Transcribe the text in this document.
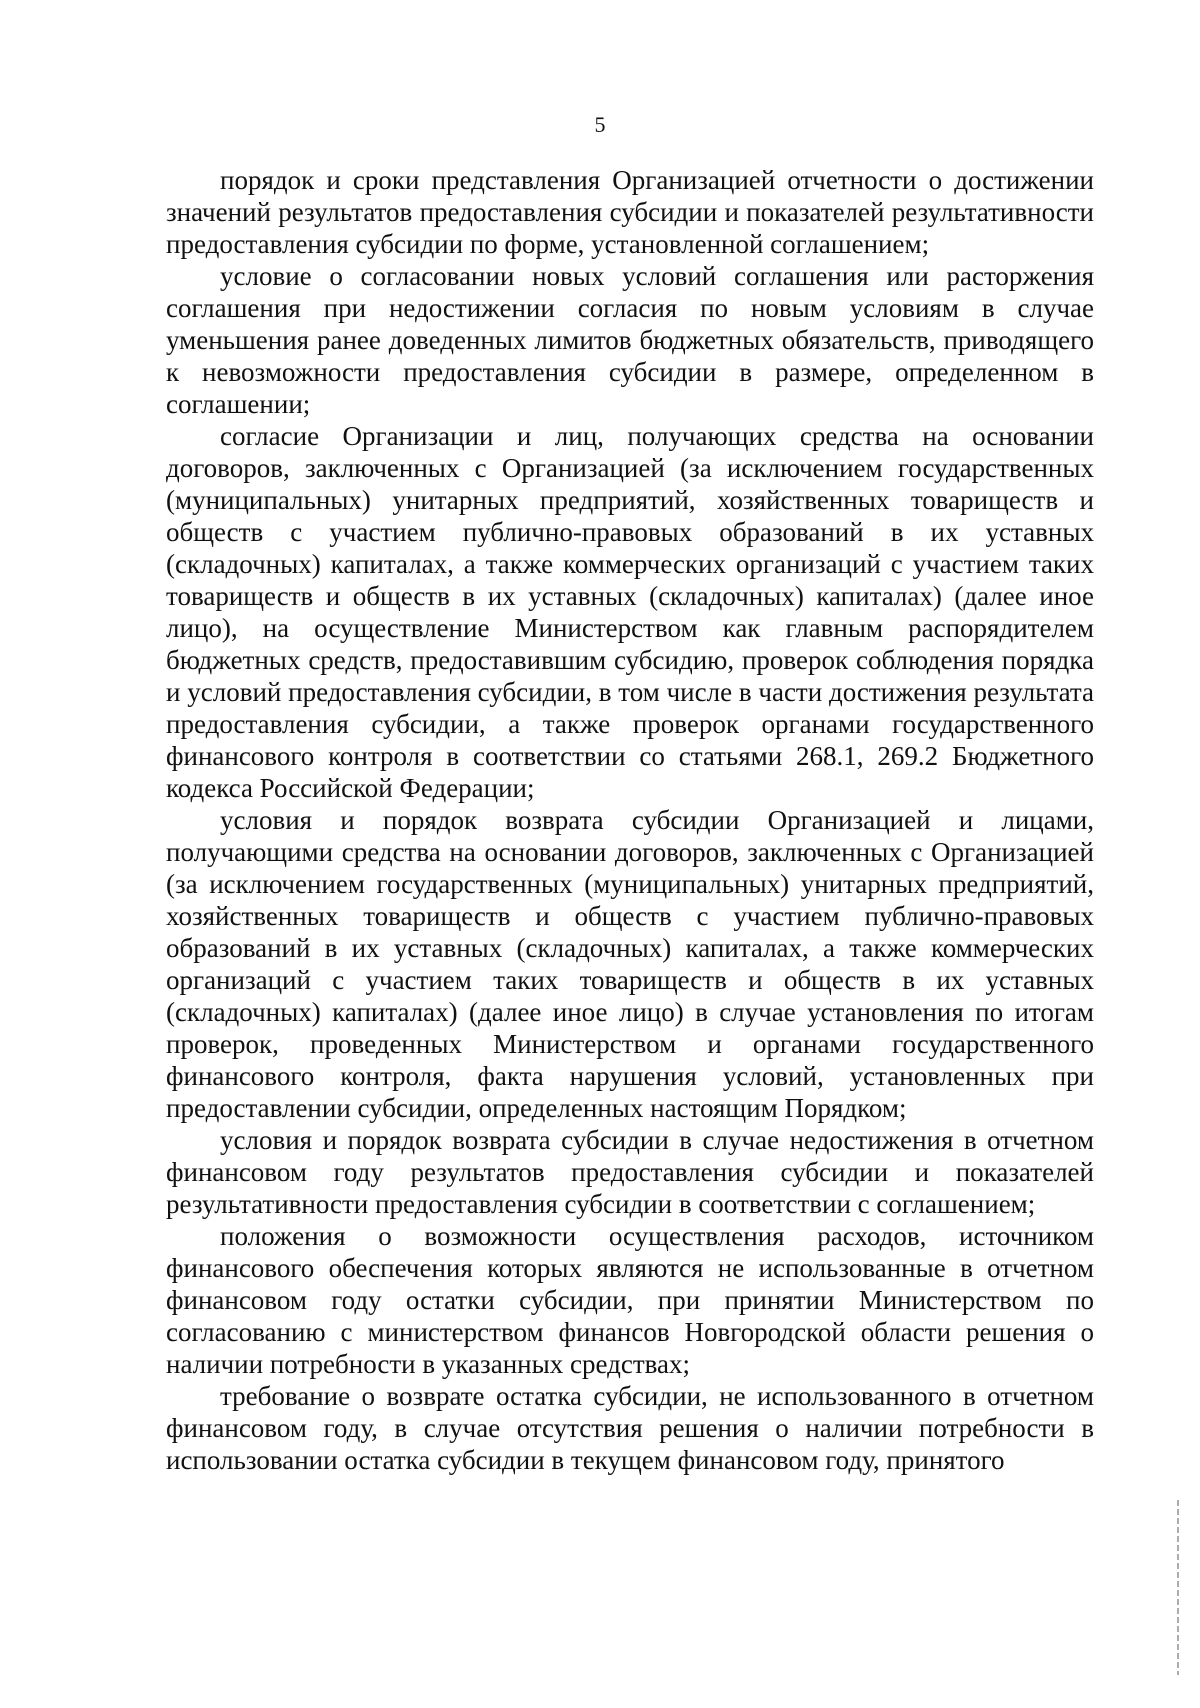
5

порядок и сроки представления Организацией отчетности о достижении значений результатов предоставления субсидии и показателей результативности предоставления субсидии по форме, установленной соглашением;

условие о согласовании новых условий соглашения или расторжения соглашения при недостижении согласия по новым условиям в случае уменьшения ранее доведенных лимитов бюджетных обязательств, приводящего к невозможности предоставления субсидии в размере, определенном в соглашении;

согласие Организации и лиц, получающих средства на основании договоров, заключенных с Организацией (за исключением государственных (муниципальных) унитарных предприятий, хозяйственных товариществ и обществ с участием публично-правовых образований в их уставных (складочных) капиталах, а также коммерческих организаций с участием таких товариществ и обществ в их уставных (складочных) капиталах) (далее иное лицо), на осуществление Министерством как главным распорядителем бюджетных средств, предоставившим субсидию, проверок соблюдения порядка и условий предоставления субсидии, в том числе в части достижения результата предоставления субсидии, а также проверок органами государственного финансового контроля в соответствии со статьями 268.1, 269.2 Бюджетного кодекса Российской Федерации;

условия и порядок возврата субсидии Организацией и лицами, получающими средства на основании договоров, заключенных с Организацией (за исключением государственных (муниципальных) унитарных предприятий, хозяйственных товариществ и обществ с участием публично-правовых образований в их уставных (складочных) капиталах, а также коммерческих организаций с участием таких товариществ и обществ в их уставных (складочных) капиталах) (далее иное лицо) в случае установления по итогам проверок, проведенных Министерством и органами государственного финансового контроля, факта нарушения условий, установленных при предоставлении субсидии, определенных настоящим Порядком;

условия и порядок возврата субсидии в случае недостижения в отчетном финансовом году результатов предоставления субсидии и показателей результативности предоставления субсидии в соответствии с соглашением;

положения о возможности осуществления расходов, источником финансового обеспечения которых являются не использованные в отчетном финансовом году остатки субсидии, при принятии Министерством по согласованию с министерством финансов Новгородской области решения о наличии потребности в указанных средствах;

требование о возврате остатка субсидии, не использованного в отчетном финансовом году, в случае отсутствия решения о наличии потребности в использовании остатка субсидии в текущем финансовом году, принятого
